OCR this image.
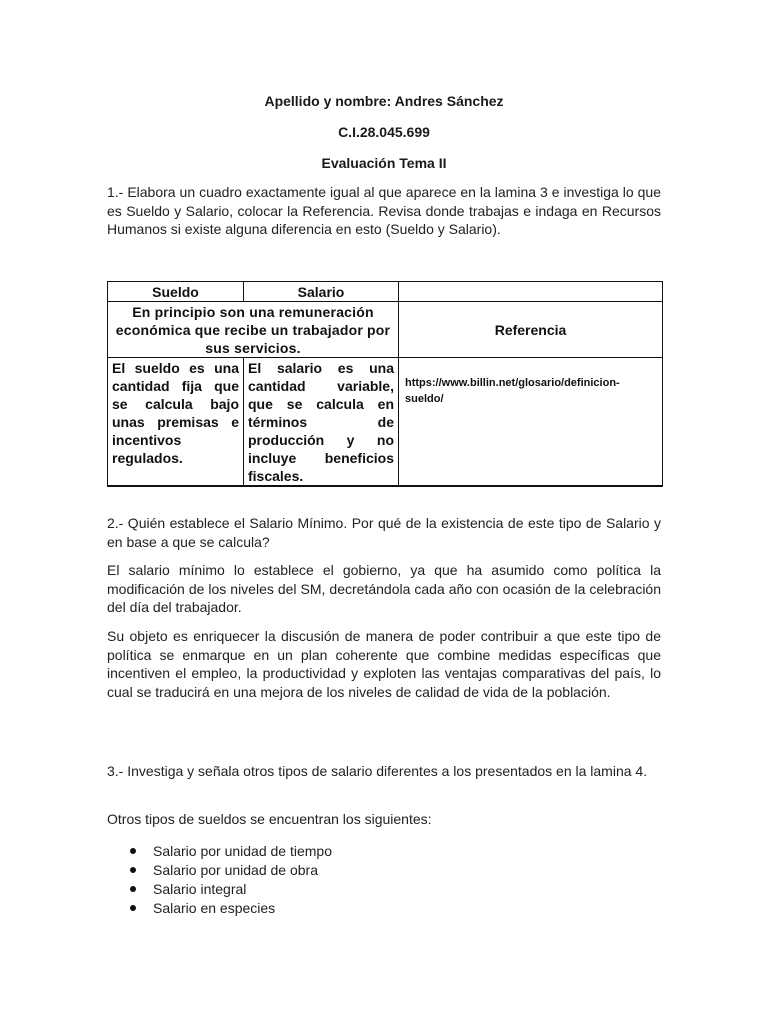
Apellido y nombre: Andres Sánchez
C.I.28.045.699
Evaluación Tema II

1.- Elabora un cuadro exactamente igual al que aparece en la lamina 3 e investiga lo que es Sueldo y Salario, colocar la Referencia. Revisa donde trabajas e indaga en Recursos Humanos si existe alguna diferencia en esto (Sueldo y Salario).

Sueldo	Salario	
En principio son una remuneración económica que recibe un trabajador por sus servicios.		Referencia
El sueldo es una cantidad fija que se calcula bajo unas premisas e incentivos regulados.	El salario es una cantidad variable, que se calcula en términos de producción y no incluye beneficios fiscales.	https://www.billin.net/glosario/definicion-sueldo/

2.- Quién establece el Salario Mínimo. Por qué de la existencia de este tipo de Salario y en base a que se calcula?

El salario mínimo lo establece el gobierno, ya que ha asumido como política la modificación de los niveles del SM, decretándola cada año con ocasión de la celebración del día del trabajador.

Su objeto es enriquecer la discusión de manera de poder contribuir a que este tipo de política se enmarque en un plan coherente que combine medidas específicas que incentiven el empleo, la productividad y exploten las ventajas comparativas del país, lo cual se traducirá en una mejora de los niveles de calidad de vida de la población.

3.- Investiga y señala otros tipos de salario diferentes a los presentados en la lamina 4.

Otros tipos de sueldos se encuentran los siguientes:

Salario por unidad de tiempo
Salario por unidad de obra
Salario integral
Salario en especies
